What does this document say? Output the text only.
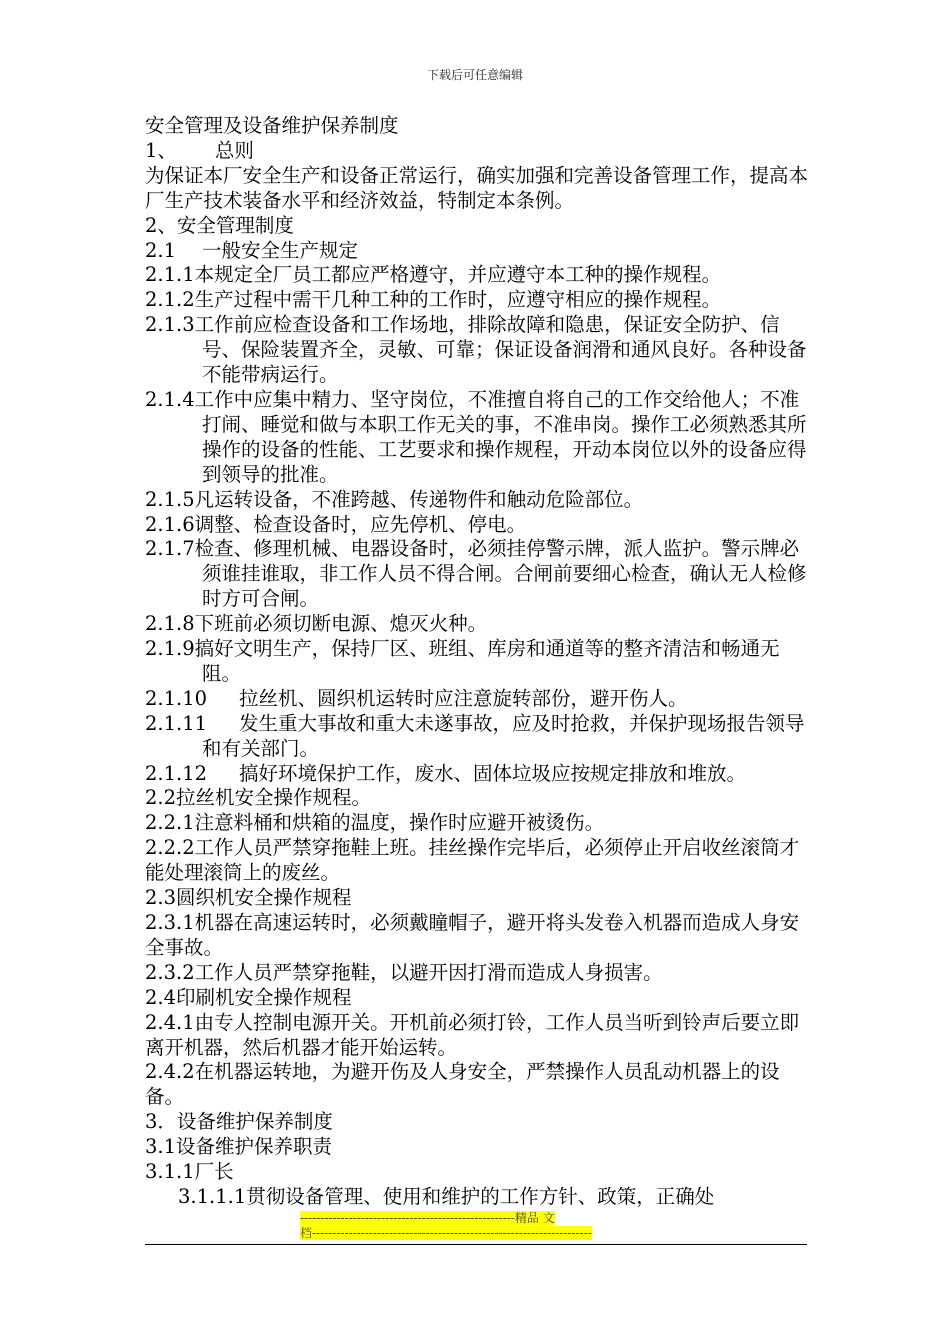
下载后可任意编辑

安全管理及设备维护保养制度

1、 总则

为保证本厂安全生产和设备正常运行，确实加强和完善设备管理工作，提高本厂生产技术装备水平和经济效益，特制定本条例。

2、安全管理制度

2.1 一般安全生产规定

2.1.1本规定全厂员工都应严格遵守，并应遵守本工种的操作规程。

2.1.2生产过程中需干几种工种的工作时，应遵守相应的操作规程。

2.1.3工作前应检查设备和工作场地，排除故障和隐患，保证安全防护、信号、保险装置齐全，灵敏、可靠；保证设备润滑和通风良好。各种设备不能带病运行。

2.1.4工作中应集中精力、坚守岗位，不准擅自将自己的工作交给他人；不准打闹、睡觉和做与本职工作无关的事，不准串岗。操作工必须熟悉其所操作的设备的性能、工艺要求和操作规程，开动本岗位以外的设备应得到领导的批准。

2.1.5凡运转设备，不准跨越、传递物件和触动危险部位。

2.1.6调整、检查设备时，应先停机、停电。

2.1.7检查、修理机械、电器设备时，必须挂停警示牌，派人监护。警示牌必须谁挂谁取，非工作人员不得合闸。合闸前要细心检查，确认无人检修时方可合闸。

2.1.8下班前必须切断电源、熄灭火种。

2.1.9搞好文明生产，保持厂区、班组、库房和通道等的整齐清洁和畅通无阻。

2.1.10 拉丝机、圆织机运转时应注意旋转部份，避开伤人。

2.1.11 发生重大事故和重大未遂事故，应及时抢救，并保护现场报告领导和有关部门。

2.1.12 搞好环境保护工作，废水、固体垃圾应按规定排放和堆放。

2.2拉丝机安全操作规程。

2.2.1注意料桶和烘箱的温度，操作时应避开被烫伤。

2.2.2工作人员严禁穿拖鞋上班。挂丝操作完毕后，必须停止开启收丝滚筒才能处理滚筒上的废丝。

2.3圆织机安全操作规程

2.3.1机器在高速运转时，必须戴瞳帽子，避开将头发卷入机器而造成人身安全事故。

2.3.2工作人员严禁穿拖鞋，以避开因打滑而造成人身损害。

2.4印刷机安全操作规程

2.4.1由专人控制电源开关。开机前必须打铃，工作人员当听到铃声后要立即离开机器，然后机器才能开始运转。

2.4.2在机器运转地，为避开伤及人身安全，严禁操作人员乱动机器上的设备。

3．设备维护保养制度

3.1设备维护保养职责

3.1.1厂长

3.1.1.1贯彻设备管理、使用和维护的工作方针、政策，正确处

-----------------------------------------------------精品 文
档---------------------------------------------------------------------
